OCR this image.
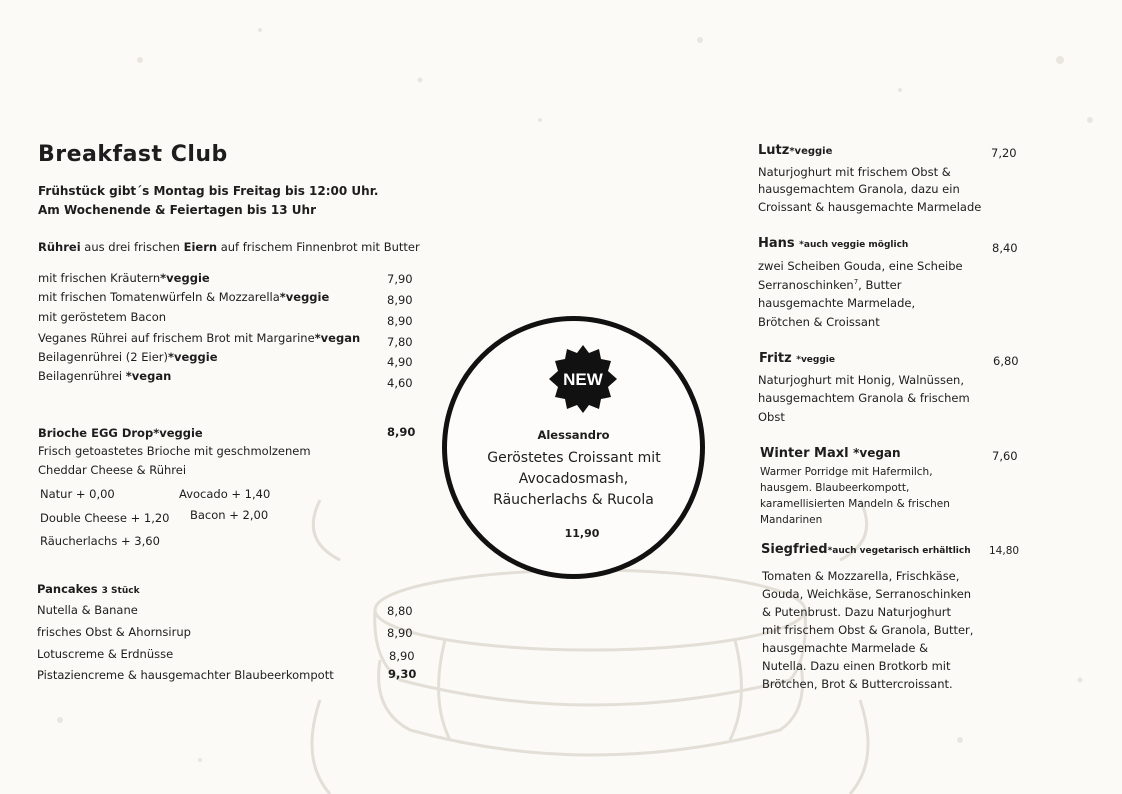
Breakfast Club
Frühstück gibt´s Montag bis Freitag bis 12:00 Uhr.
Am Wochenende & Feiertagen bis 13 Uhr
Rührei aus drei frischen Eiern auf frischem Finnenbrot mit Butter
mit frischen Kräutern*veggie	7,90
mit frischen Tomatenwürfeln & Mozzarella*veggie	8,90
mit geröstetem Bacon	8,90
Veganes Rührei auf frischem Brot mit Margarine*vegan 7,80
Beilagenrührei (2 Eier)*veggie	4,90
Beilagenrührei *vegan	4,60
Brioche EGG Drop*veggie	8,90
Frisch getoastetes Brioche mit geschmolzenem
Cheddar Cheese & Rührei
Natur + 0,00	Avocado + 1,40
Double Cheese + 1,20 Bacon + 2,00
Räucherlachs + 3,60
Pancakes 3 Stück
Nutella & Banane	8,80
frisches Obst & Ahornsirup	8,90
Lotuscreme & Erdnüsse	8,90
Pistaziencreme & hausgemachter Blaubeerkompott	9,30
NEW
Alessandro
Geröstetes Croissant mit
Avocadosmash,
Räucherlachs & Rucola
11,90
Lutz*veggie	7,20
Naturjoghurt mit frischem Obst &
hausgemachtem Granola, dazu ein
Croissant & hausgemachte Marmelade
Hans *auch veggie möglich	8,40
zwei Scheiben Gouda, eine Scheibe
Serranoschinken$^7$, Butter
hausgemachte Marmelade,
Brötchen & Croissant
Fritz *veggie	6,80
Naturjoghurt mit Honig, Walnüssen,
hausgemachtem Granola & frischem
Obst
Winter Maxl *vegan	7,60
Warmer Porridge mit Hafermilch,
hausgem. Blaubeerkompott,
karamellisierten Mandeln & frischen
Mandarinen
Siegfried*auch vegetarisch erhältlich 14,80
Tomaten & Mozzarella, Frischkäse,
Gouda, Weichkäse, Serranoschinken
& Putenbrust. Dazu Naturjoghurt
mit frischem Obst & Granola, Butter,
hausgemachte Marmelade &
Nutella. Dazu einen Brotkorb mit
Brötchen, Brot & Buttercroissant.
